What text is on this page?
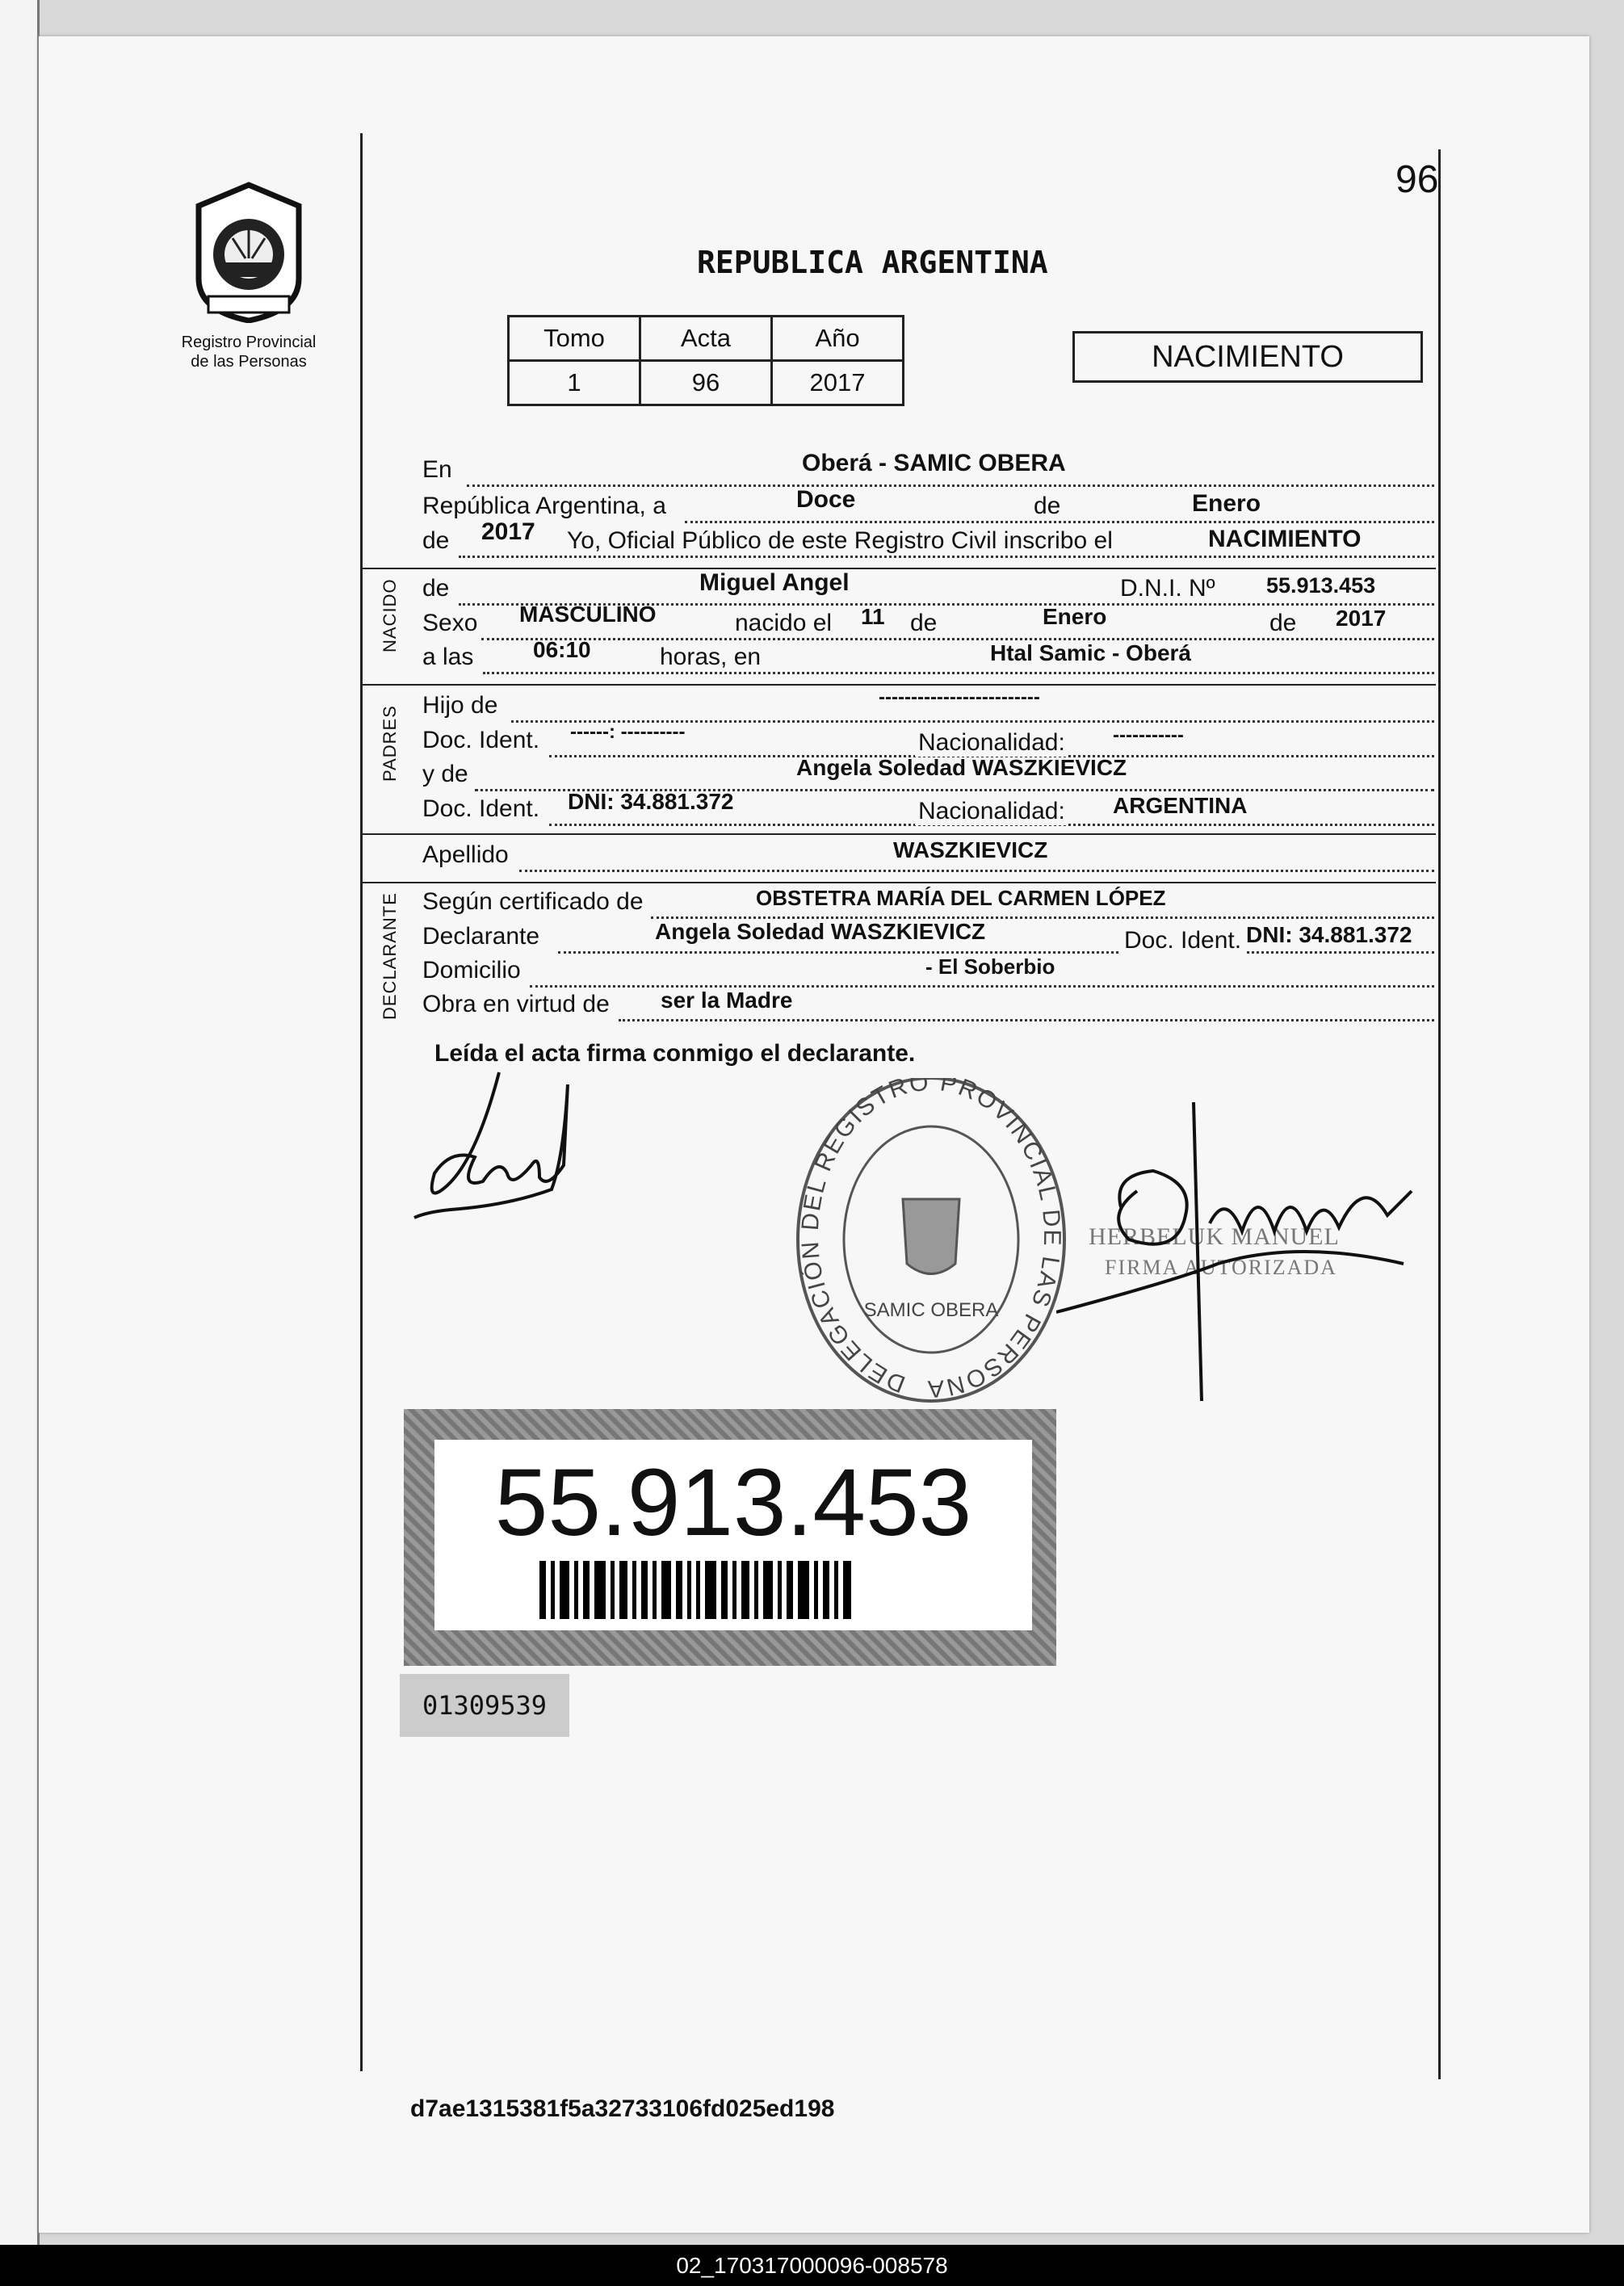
96
Registro Provincial
de las Personas
REPUBLICA ARGENTINA
Tomo	Acta	Año
1	96	2017
NACIMIENTO
En	Oberá - SAMIC OBERA
República Argentina, a	Doce	de	Enero
de 2017 Yo, Oficial Público de este Registro Civil inscribo el	NACIMIENTO
NACIDO de	Miguel Angel	D.N.I. Nº 55.913.453
Sexo MASCULINO	nacido el 11 de	Enero	de 2017
a las	06:10	horas, en	Htal Samic - Oberá
PADRES Hijo de	-------------------------
Doc. Ident. ------: ----------	Nacionalidad: -----------
y de	Angela Soledad WASZKIEVICZ
Doc. Ident. DNI: 34.881.372	Nacionalidad: ARGENTINA
Apellido	WASZKIEVICZ
DECLARANTE Según certificado de	OBSTETRA MARÍA DEL CARMEN LÓPEZ
Declarante	Angela Soledad WASZKIEVICZ	Doc. Ident. DNI: 34.881.372
Domicilio	- El Soberbio
Obra en virtud de ser la Madre
Leída el acta firma conmigo el declarante.
DELEGACIÓN DEL REGISTRO PROVINCIAL DE LAS PERSONA
SAMIC OBERA
HERBELUK MANUEL
FIRMA AUTORIZADA
55.913.453
01309539
d7ae1315381f5a32733106fd025ed198
02_170317000096-008578
